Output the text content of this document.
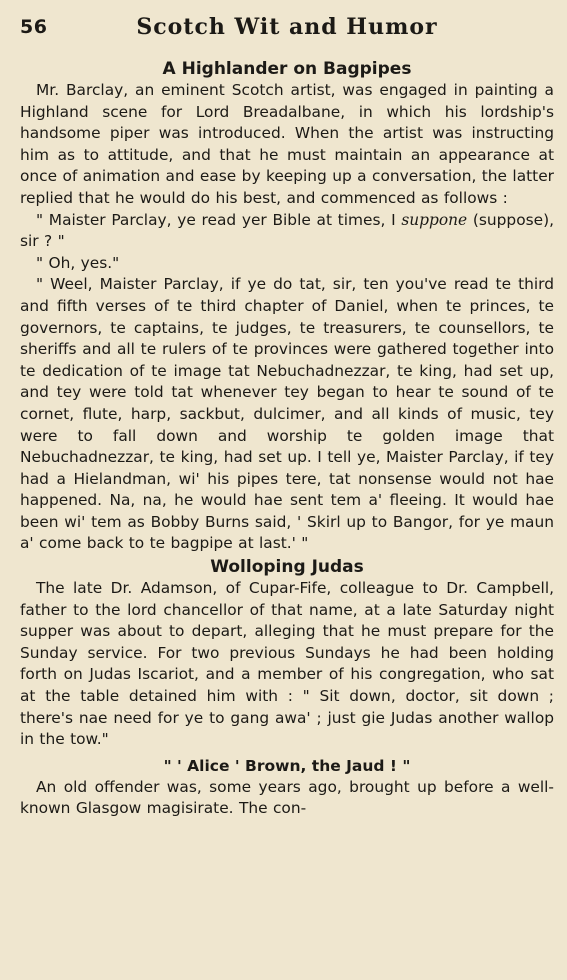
56	Scotch Wit and Humor
A Highlander on Bagpipes

Mr. Barclay, an eminent Scotch artist, was engaged in painting a Highland scene for Lord Breadalbane, in which his lordship's handsome piper was introduced. When the artist was instructing him as to attitude, and that he must maintain an appearance at once of animation and ease by keeping up a conversation, the latter replied that he would do his best, and commenced as follows :

" Maister Parclay, ye read yer Bible at times, I suppone (suppose), sir ? "

" Oh, yes."

" Weel, Maister Parclay, if ye do tat, sir, ten you've read te third and fifth verses of te third chapter of Daniel, when te princes, te governors, te captains, te judges, te treasurers, te counsellors, te sheriffs and all te rulers of te provinces were gathered together into te dedication of te image tat Nebuchadnezzar, te king, had set up, and tey were told tat whenever tey began to hear te sound of te cornet, flute, harp, sackbut, dulcimer, and all kinds of music, tey were to fall down and worship te golden image that Nebuchadnezzar, te king, had set up. I tell ye, Maister Parclay, if tey had a Hielandman, wi' his pipes tere, tat nonsense would not hae happened. Na, na, he would hae sent tem a' fleeing. It would hae been wi' tem as Bobby Burns said, ' Skirl up to Bangor, for ye maun a' come back to te bagpipe at last.' "

Wolloping Judas

The late Dr. Adamson, of Cupar-Fife, colleague to Dr. Campbell, father to the lord chancellor of that name, at a late Saturday night supper was about to depart, alleging that he must prepare for the Sunday service. For two previous Sundays he had been holding forth on Judas Iscariot, and a member of his congregation, who sat at the table detained him with : " Sit down, doctor, sit down ; there's nae need for ye to gang awa' ; just gie Judas another wallop in the tow."

" ' Alice ' Brown, the Jaud ! "

An old offender was, some years ago, brought up before a well-known Glasgow magisirate. The con-
